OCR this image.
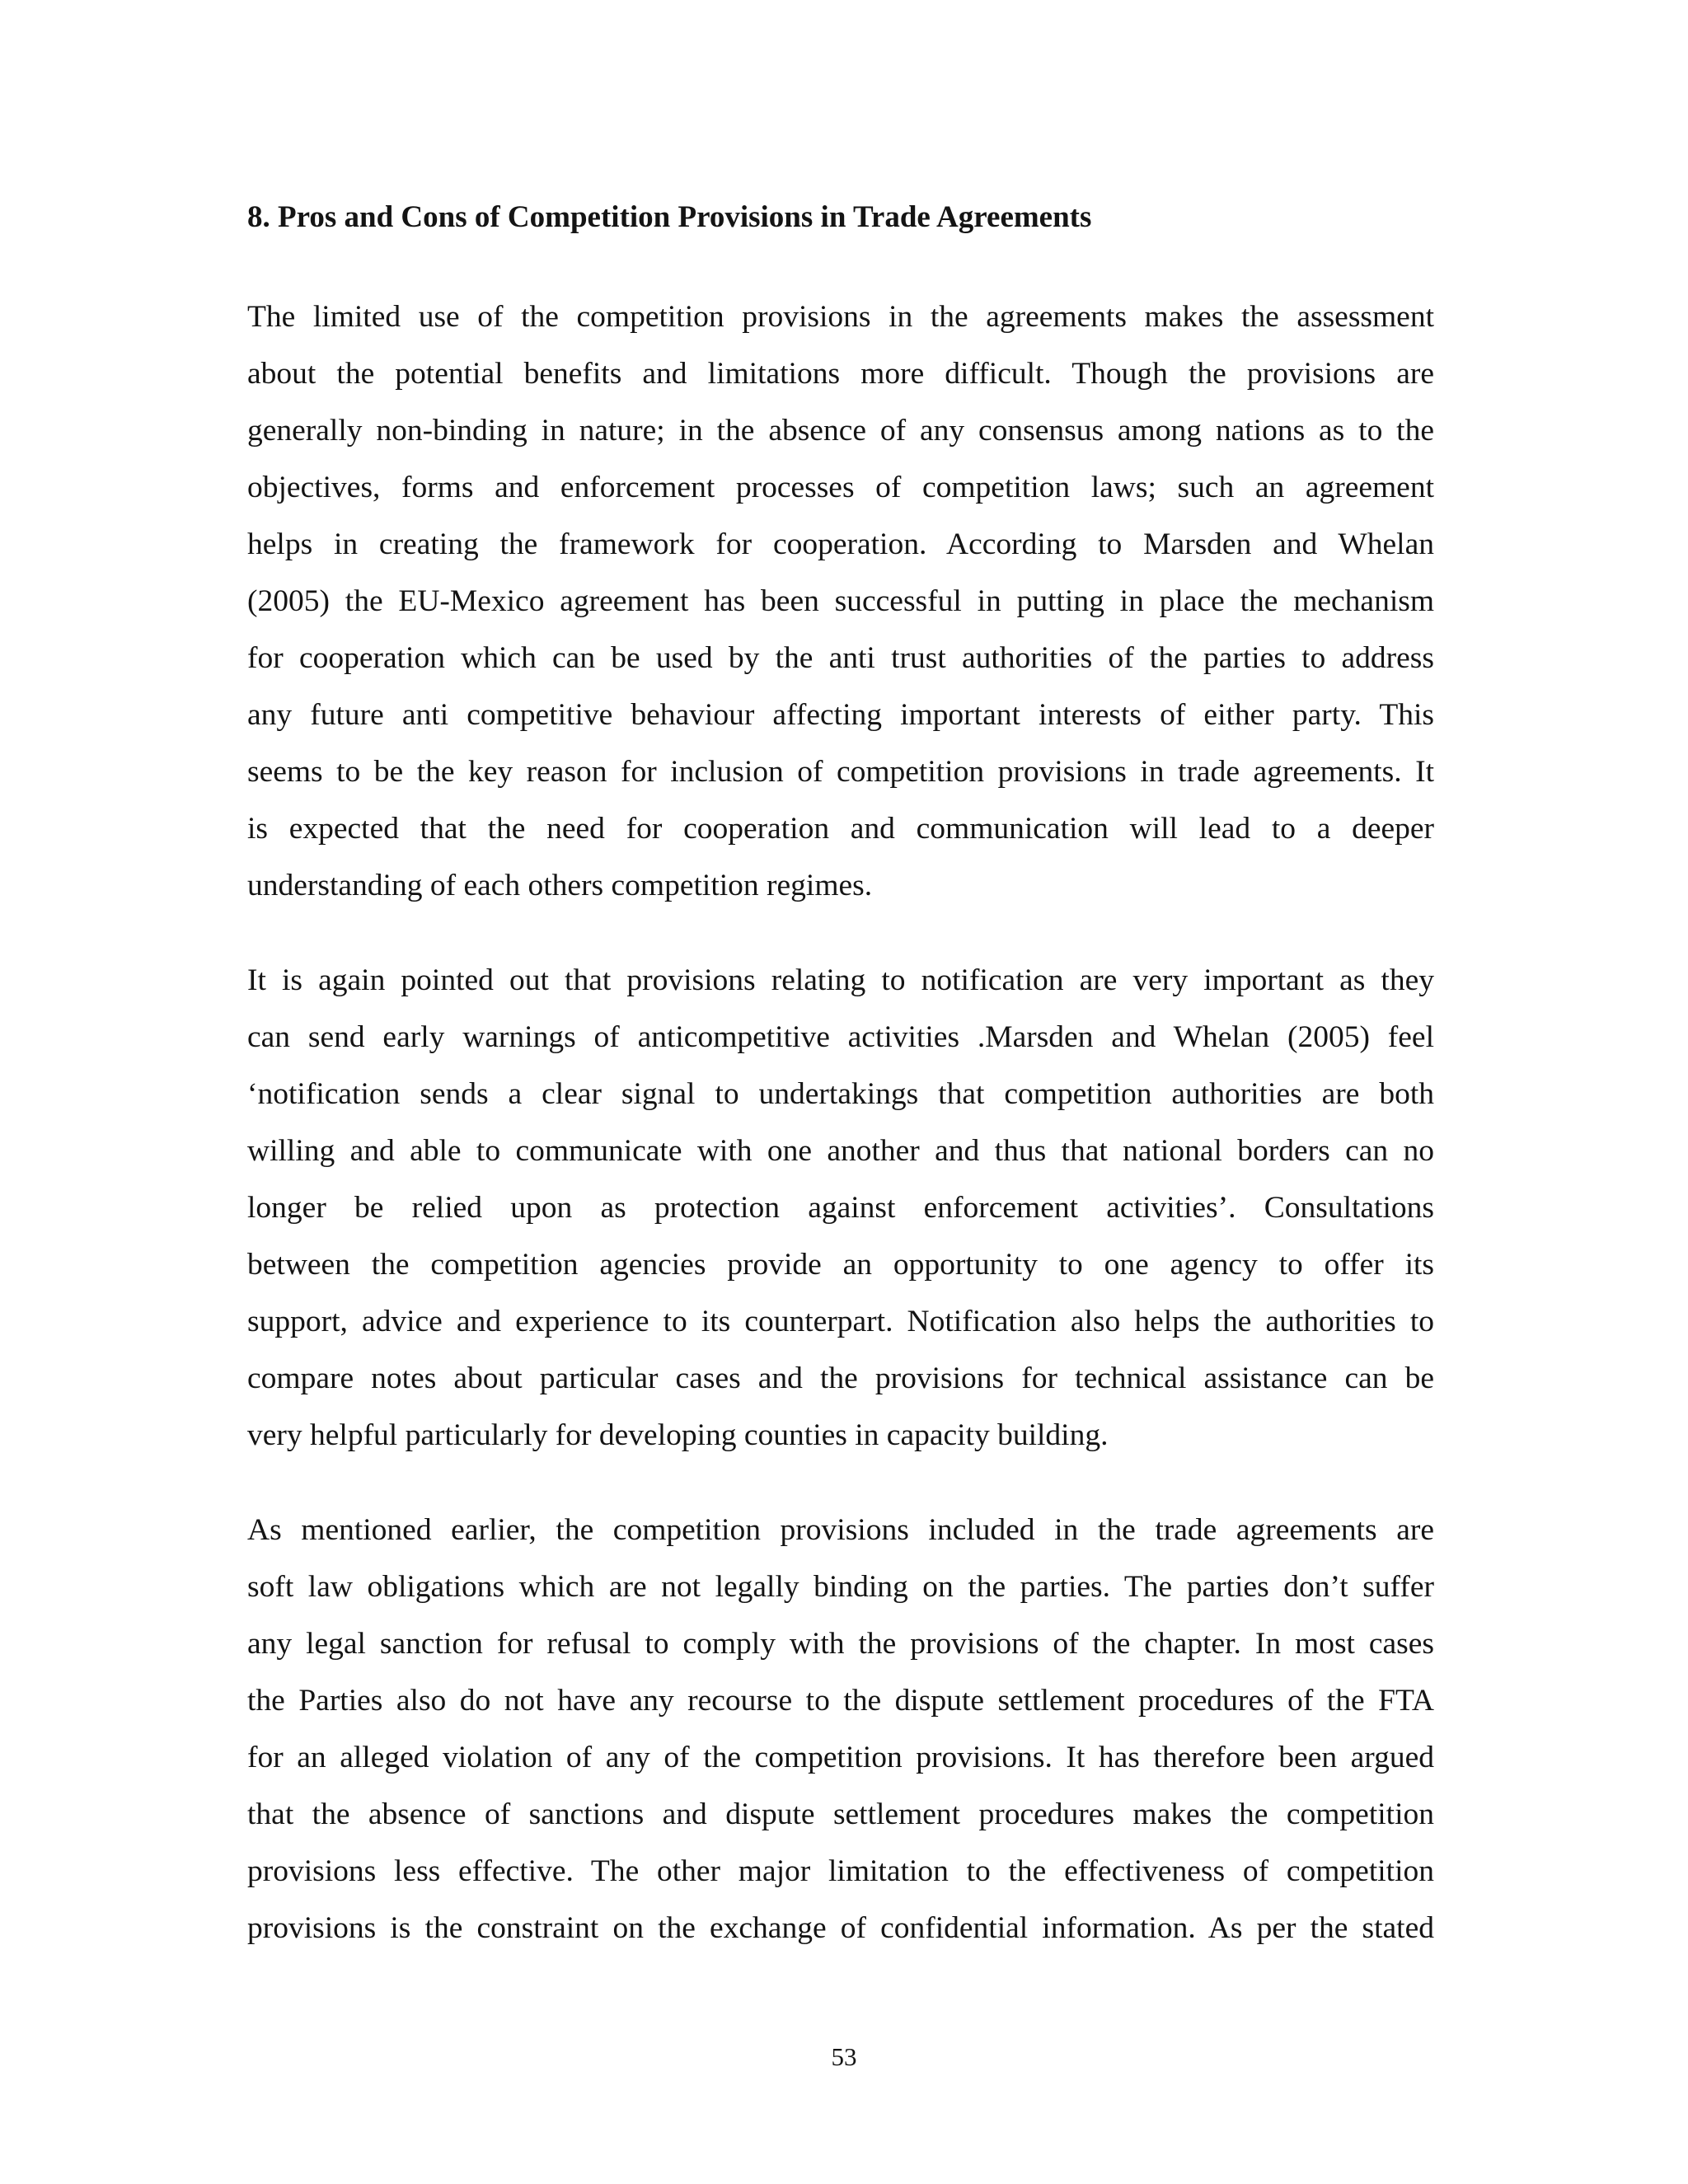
8. Pros and Cons of Competition Provisions in Trade Agreements
The limited use of the competition provisions in the agreements makes the assessment
about the potential benefits and limitations more difficult. Though the provisions are
generally non-binding in nature; in the absence of any consensus among nations as to the
objectives, forms and enforcement processes of competition laws; such an agreement
helps in creating the framework for cooperation. According to Marsden and Whelan
(2005) the EU-Mexico agreement has been successful in putting in place the mechanism
for cooperation which can be used by the anti trust authorities of the parties to address
any future anti competitive behaviour affecting important interests of either party. This
seems to be the key reason for inclusion of competition provisions in trade agreements. It
is expected that the need for cooperation and communication will lead to a deeper
understanding of each others competition regimes.
It is again pointed out that provisions relating to notification are very important as they
can send early warnings of anticompetitive activities .Marsden and Whelan (2005) feel
‘notification sends a clear signal to undertakings that competition authorities are both
willing and able to communicate with one another and thus that national borders can no
longer be relied upon as protection against enforcement activities’. Consultations
between the competition agencies provide an opportunity to one agency to offer its
support, advice and experience to its counterpart. Notification also helps the authorities to
compare notes about particular cases and the provisions for technical assistance can be
very helpful particularly for developing counties in capacity building.
As mentioned earlier, the competition provisions included in the trade agreements are
soft law obligations which are not legally binding on the parties. The parties don’t suffer
any legal sanction for refusal to comply with the provisions of the chapter. In most cases
the Parties also do not have any recourse to the dispute settlement procedures of the FTA
for an alleged violation of any of the competition provisions. It has therefore been argued
that the absence of sanctions and dispute settlement procedures makes the competition
provisions less effective. The other major limitation to the effectiveness of competition
provisions is the constraint on the exchange of confidential information. As per the stated
53
